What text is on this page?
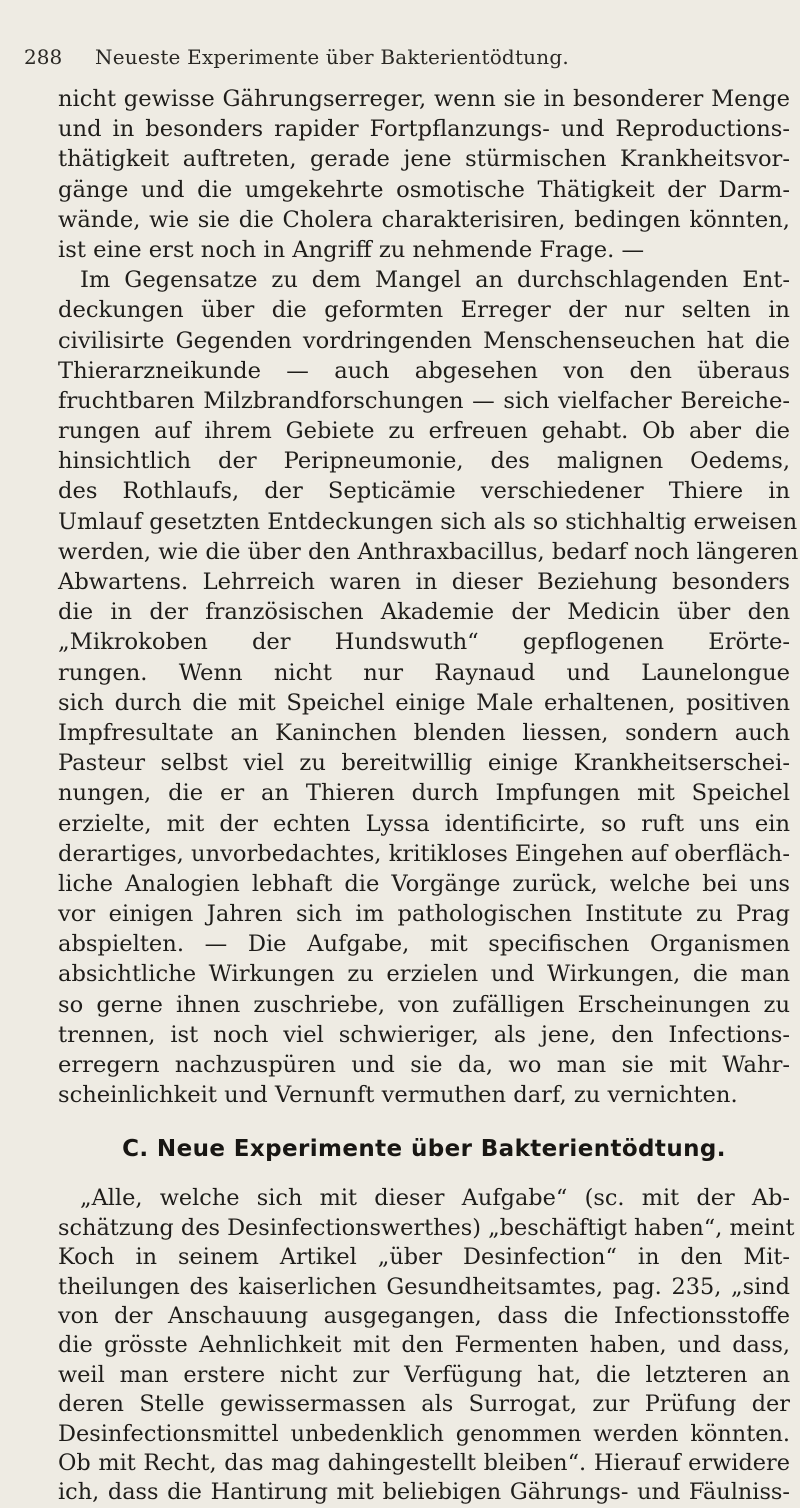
288 Neueste Experimente über Bakterientödtung.
nicht gewisse Gährungserreger, wenn sie in besonderer Menge
und in besonders rapider Fortpflanzungs- und Reproductions-
thätigkeit auftreten, gerade jene stürmischen Krankheitsvor-
gänge und die umgekehrte osmotische Thätigkeit der Darm-
wände, wie sie die Cholera charakterisiren, bedingen könnten,
ist eine erst noch in Angriff zu nehmende Frage. —
Im Gegensatze zu dem Mangel an durchschlagenden Ent-
deckungen über die geformten Erreger der nur selten in
civilisirte Gegenden vordringenden Menschenseuchen hat die
Thierarzneikunde — auch abgesehen von den überaus
fruchtbaren Milzbrandforschungen — sich vielfacher Bereiche-
rungen auf ihrem Gebiete zu erfreuen gehabt. Ob aber die
hinsichtlich der Peripneumonie, des malignen Oedems,
des Rothlaufs, der Septicämie verschiedener Thiere in
Umlauf gesetzten Entdeckungen sich als so stichhaltig erweisen
werden, wie die über den Anthraxbacillus, bedarf noch längeren
Abwartens. Lehrreich waren in dieser Beziehung besonders
die in der französischen Akademie der Medicin über den
„Mikrokoben der Hundswuth“ gepflogenen Erörte-
rungen. Wenn nicht nur Raynaud und Launelongue
sich durch die mit Speichel einige Male erhaltenen, positiven
Impfresultate an Kaninchen blenden liessen, sondern auch
Pasteur selbst viel zu bereitwillig einige Krankheitserschei-
nungen, die er an Thieren durch Impfungen mit Speichel
erzielte, mit der echten Lyssa identificirte, so ruft uns ein
derartiges, unvorbedachtes, kritikloses Eingehen auf oberfläch-
liche Analogien lebhaft die Vorgänge zurück, welche bei uns
vor einigen Jahren sich im pathologischen Institute zu Prag
abspielten. — Die Aufgabe, mit specifischen Organismen
absichtliche Wirkungen zu erzielen und Wirkungen, die man
so gerne ihnen zuschriebe, von zufälligen Erscheinungen zu
trennen, ist noch viel schwieriger, als jene, den Infections-
erregern nachzuspüren und sie da, wo man sie mit Wahr-
scheinlichkeit und Vernunft vermuthen darf, zu vernichten.
C. Neue Experimente über Bakterientödtung.
„Alle, welche sich mit dieser Aufgabe“ (sc. mit der Ab-
schätzung des Desinfectionswerthes) „beschäftigt haben“, meint
Koch in seinem Artikel „über Desinfection“ in den Mit-
theilungen des kaiserlichen Gesundheitsamtes, pag. 235, „sind
von der Anschauung ausgegangen, dass die Infectionsstoffe
die grösste Aehnlichkeit mit den Fermenten haben, und dass,
weil man erstere nicht zur Verfügung hat, die letzteren an
deren Stelle gewissermassen als Surrogat, zur Prüfung der
Desinfectionsmittel unbedenklich genommen werden könnten.
Ob mit Recht, das mag dahingestellt bleiben“. Hierauf erwidere
ich, dass die Hantirung mit beliebigen Gährungs- und Fäulniss-
